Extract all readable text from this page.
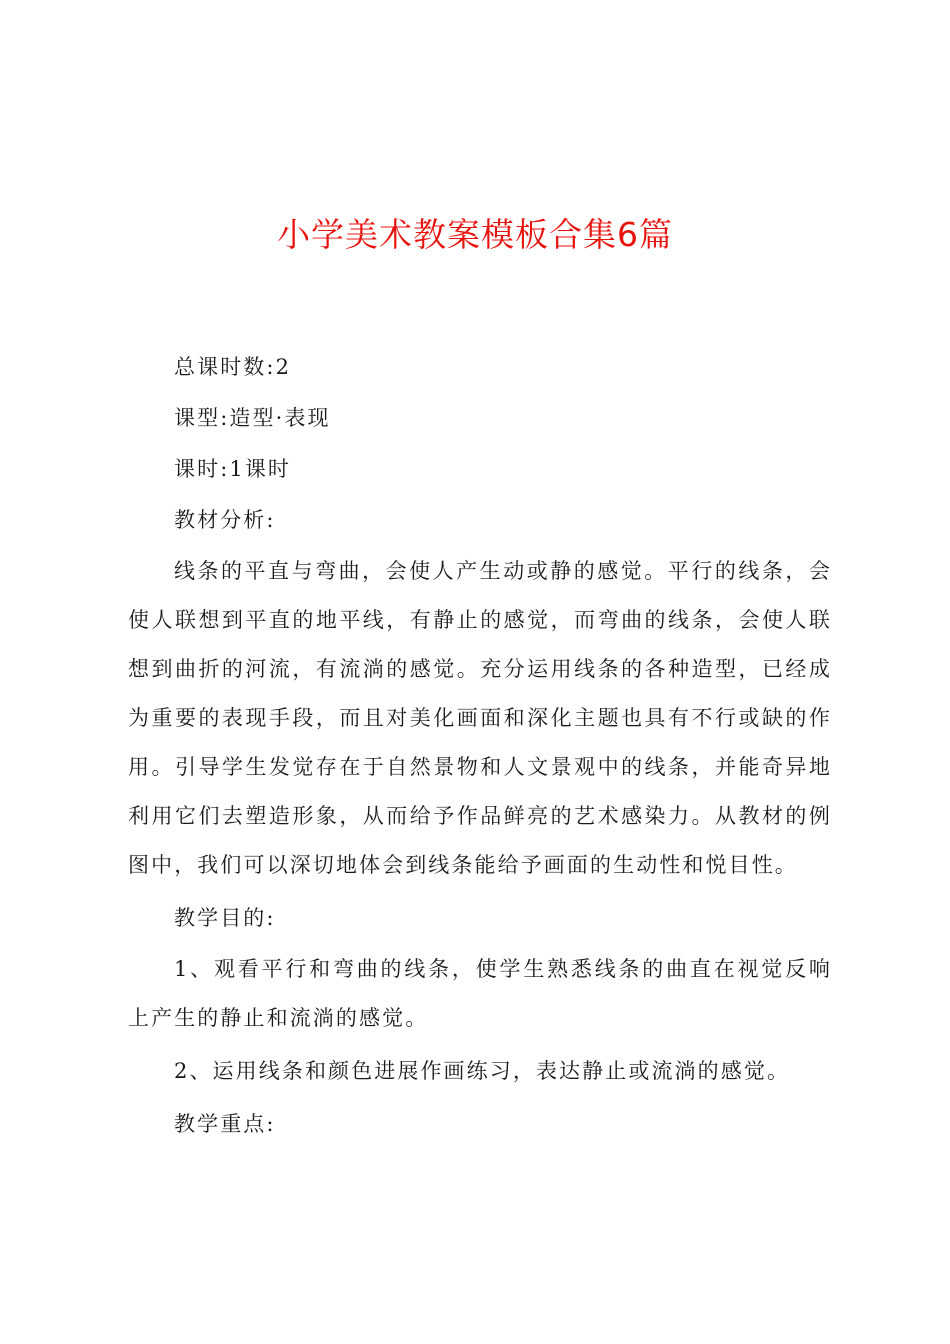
小学美术教案模板合集6篇

总课时数:2

课型:造型·表现

课时:1课时

教材分析:

线条的平直与弯曲，会使人产生动或静的感觉。平行的线条，会使人联想到平直的地平线，有静止的感觉，而弯曲的线条，会使人联想到曲折的河流，有流淌的感觉。充分运用线条的各种造型，已经成为重要的表现手段，而且对美化画面和深化主题也具有不行或缺的作用。引导学生发觉存在于自然景物和人文景观中的线条，并能奇异地利用它们去塑造形象，从而给予作品鲜亮的艺术感染力。从教材的例图中，我们可以深切地体会到线条能给予画面的生动性和悦目性。

教学目的:

1、观看平行和弯曲的线条，使学生熟悉线条的曲直在视觉反响上产生的静止和流淌的感觉。

2、运用线条和颜色进展作画练习，表达静止或流淌的感觉。

教学重点:
